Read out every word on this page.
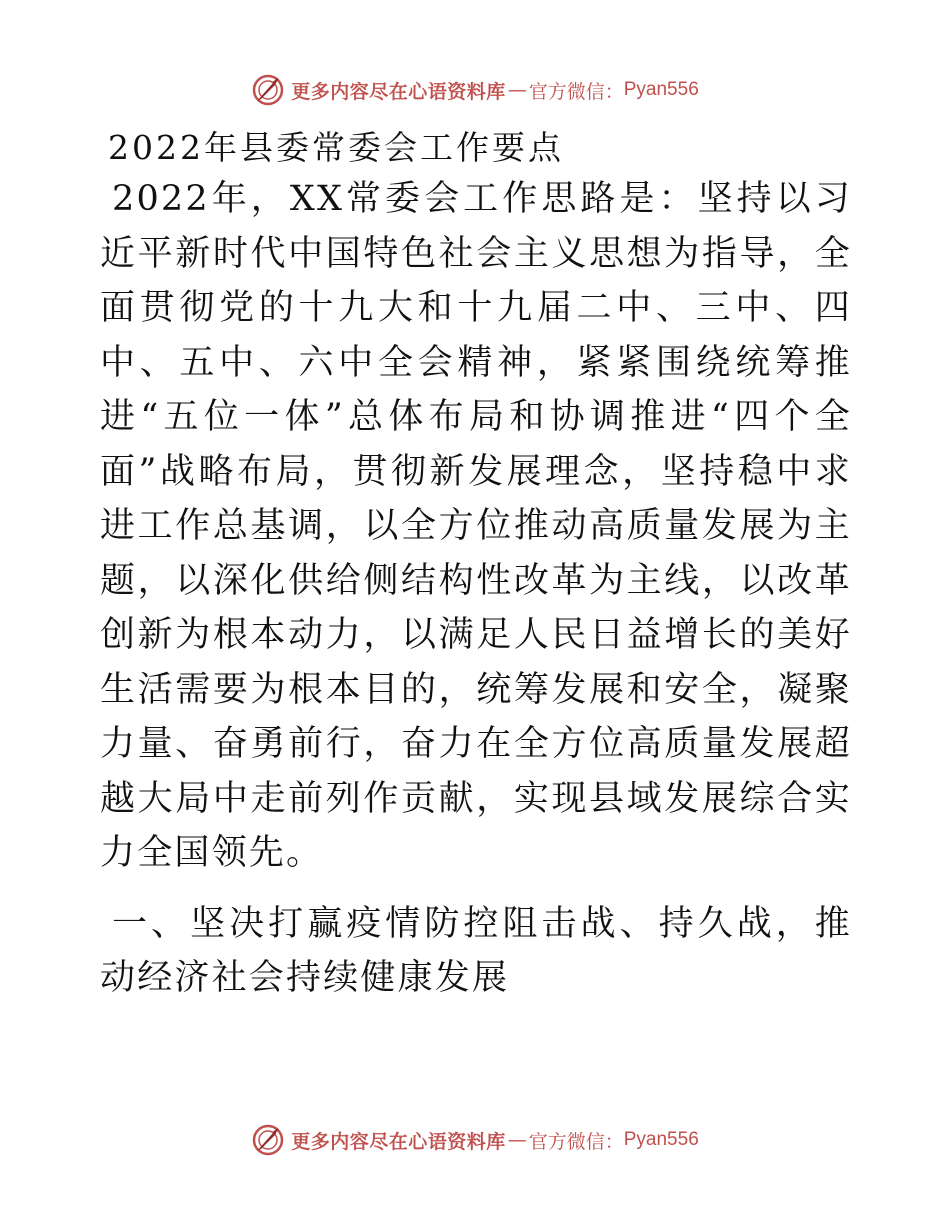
更多内容尽在心语资料库 — 官方微信： Pyan556
2022年县委常委会工作要点

2022年，XX常委会工作思路是：坚持以习近平新时代中国特色社会主义思想为指导，全面贯彻党的十九大和十九届二中、三中、四中、五中、六中全会精神，紧紧围绕统筹推进“五位一体”总体布局和协调推进“四个全面”战略布局，贯彻新发展理念，坚持稳中求进工作总基调，以全方位推动高质量发展为主题，以深化供给侧结构性改革为主线，以改革创新为根本动力，以满足人民日益增长的美好生活需要为根本目的，统筹发展和安全，凝聚力量、奋勇前行，奋力在全方位高质量发展超越大局中走前列作贡献，实现县域发展综合实力全国领先。

一、坚决打赢疫情防控阻击战、持久战，推动经济社会持续健康发展

更多内容尽在心语资料库 — 官方微信： Pyan556
